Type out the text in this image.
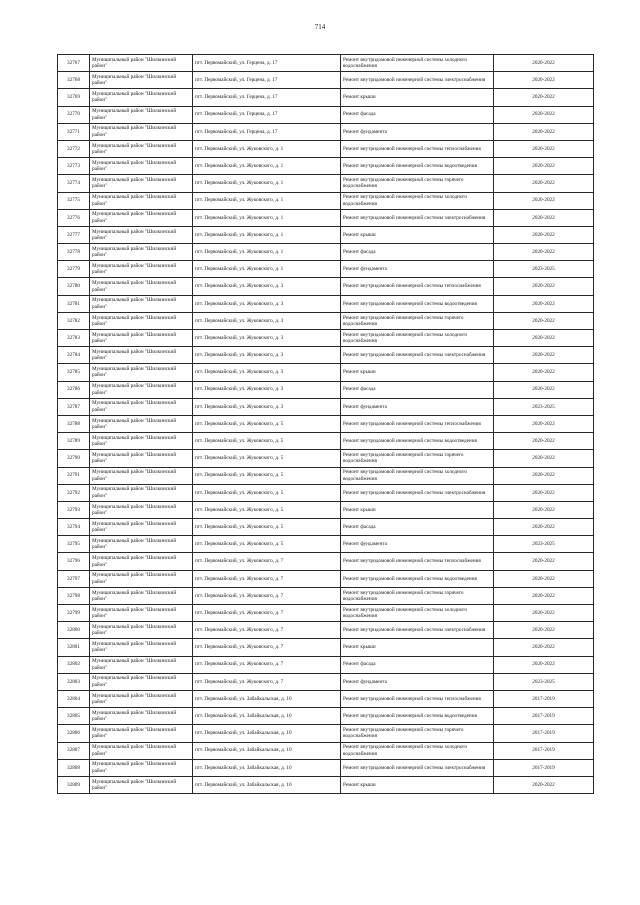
714
32767	Муниципальный район "Шилкинский район"	пгт. Первомайский, ул. Герцена, д. 17	Ремонт внутридомовой инженерной системы холодного водоснабжения	2020-2022
32768	Муниципальный район "Шилкинский район"	пгт. Первомайский, ул. Герцена, д. 17	Ремонт внутридомовой инженерной системы электроснабжения	2020-2022
32769	Муниципальный район "Шилкинский район"	пгт. Первомайский, ул. Герцена, д. 17	Ремонт крыши	2020-2022
32770	Муниципальный район "Шилкинский район"	пгт. Первомайский, ул. Герцена, д. 17	Ремонт фасада	2020-2022
32771	Муниципальный район "Шилкинский район"	пгт. Первомайский, ул. Герцена, д. 17	Ремонт фундамента	2020-2022
32772	Муниципальный район "Шилкинский район"	пгт. Первомайский, ул. Жуковского, д. 1	Ремонт внутридомовой инженерной системы теплоснабжения	2020-2022
32773	Муниципальный район "Шилкинский район"	пгт. Первомайский, ул. Жуковского, д. 1	Ремонт внутридомовой инженерной системы водоотведения	2020-2022
32774	Муниципальный район "Шилкинский район"	пгт. Первомайский, ул. Жуковского, д. 1	Ремонт внутридомовой инженерной системы горячего водоснабжения	2020-2022
32775	Муниципальный район "Шилкинский район"	пгт. Первомайский, ул. Жуковского, д. 1	Ремонт внутридомовой инженерной системы холодного водоснабжения	2020-2022
32776	Муниципальный район "Шилкинский район"	пгт. Первомайский, ул. Жуковского, д. 1	Ремонт внутридомовой инженерной системы электроснабжения	2020-2022
32777	Муниципальный район "Шилкинский район"	пгт. Первомайский, ул. Жуковского, д. 1	Ремонт крыши	2020-2022
32778	Муниципальный район "Шилкинский район"	пгт. Первомайский, ул. Жуковского, д. 1	Ремонт фасада	2020-2022
32779	Муниципальный район "Шилкинский район"	пгт. Первомайский, ул. Жуковского, д. 1	Ремонт фундамента	2023-2025
32780	Муниципальный район "Шилкинский район"	пгт. Первомайский, ул. Жуковского, д. 3	Ремонт внутридомовой инженерной системы теплоснабжения	2020-2022
32781	Муниципальный район "Шилкинский район"	пгт. Первомайский, ул. Жуковского, д. 3	Ремонт внутридомовой инженерной системы водоотведения	2020-2022
32782	Муниципальный район "Шилкинский район"	пгт. Первомайский, ул. Жуковского, д. 3	Ремонт внутридомовой инженерной системы горячего водоснабжения	2020-2022
32783	Муниципальный район "Шилкинский район"	пгт. Первомайский, ул. Жуковского, д. 3	Ремонт внутридомовой инженерной системы холодного водоснабжения	2020-2022
32784	Муниципальный район "Шилкинский район"	пгт. Первомайский, ул. Жуковского, д. 3	Ремонт внутридомовой инженерной системы электроснабжения	2020-2022
32785	Муниципальный район "Шилкинский район"	пгт. Первомайский, ул. Жуковского, д. 3	Ремонт крыши	2020-2022
32786	Муниципальный район "Шилкинский район"	пгт. Первомайский, ул. Жуковского, д. 3	Ремонт фасада	2020-2022
32787	Муниципальный район "Шилкинский район"	пгт. Первомайский, ул. Жуковского, д. 3	Ремонт фундамента	2023-2025
32788	Муниципальный район "Шилкинский район"	пгт. Первомайский, ул. Жуковского, д. 5	Ремонт внутридомовой инженерной системы теплоснабжения	2020-2022
32789	Муниципальный район "Шилкинский район"	пгт. Первомайский, ул. Жуковского, д. 5	Ремонт внутридомовой инженерной системы водоотведения	2020-2022
32790	Муниципальный район "Шилкинский район"	пгт. Первомайский, ул. Жуковского, д. 5	Ремонт внутридомовой инженерной системы горячего водоснабжения	2020-2022
32791	Муниципальный район "Шилкинский район"	пгт. Первомайский, ул. Жуковского, д. 5	Ремонт внутридомовой инженерной системы холодного водоснабжения	2020-2022
32792	Муниципальный район "Шилкинский район"	пгт. Первомайский, ул. Жуковского, д. 5	Ремонт внутридомовой инженерной системы электроснабжения	2020-2022
32793	Муниципальный район "Шилкинский район"	пгт. Первомайский, ул. Жуковского, д. 5	Ремонт крыши	2020-2022
32794	Муниципальный район "Шилкинский район"	пгт. Первомайский, ул. Жуковского, д. 5	Ремонт фасада	2020-2022
32795	Муниципальный район "Шилкинский район"	пгт. Первомайский, ул. Жуковского, д. 5	Ремонт фундамента	2023-2025
32796	Муниципальный район "Шилкинский район"	пгт. Первомайский, ул. Жуковского, д. 7	Ремонт внутридомовой инженерной системы теплоснабжения	2020-2022
32797	Муниципальный район "Шилкинский район"	пгт. Первомайский, ул. Жуковского, д. 7	Ремонт внутридомовой инженерной системы водоотведения	2020-2022
32798	Муниципальный район "Шилкинский район"	пгт. Первомайский, ул. Жуковского, д. 7	Ремонт внутридомовой инженерной системы горячего водоснабжения	2020-2022
32799	Муниципальный район "Шилкинский район"	пгт. Первомайский, ул. Жуковского, д. 7	Ремонт внутридомовой инженерной системы холодного водоснабжения	2020-2022
32800	Муниципальный район "Шилкинский район"	пгт. Первомайский, ул. Жуковского, д. 7	Ремонт внутридомовой инженерной системы электроснабжения	2020-2022
32801	Муниципальный район "Шилкинский район"	пгт. Первомайский, ул. Жуковского, д. 7	Ремонт крыши	2020-2022
32802	Муниципальный район "Шилкинский район"	пгт. Первомайский, ул. Жуковского, д. 7	Ремонт фасада	2020-2022
32803	Муниципальный район "Шилкинский район"	пгт. Первомайский, ул. Жуковского, д. 7	Ремонт фундамента	2023-2025
32804	Муниципальный район "Шилкинский район"	пгт. Первомайский, ул. Забайкальская, д. 10	Ремонт внутридомовой инженерной системы теплоснабжения	2017-2019
32805	Муниципальный район "Шилкинский район"	пгт. Первомайский, ул. Забайкальская, д. 10	Ремонт внутридомовой инженерной системы водоотведения	2017-2019
32806	Муниципальный район "Шилкинский район"	пгт. Первомайский, ул. Забайкальская, д. 10	Ремонт внутридомовой инженерной системы горячего водоснабжения	2017-2019
32807	Муниципальный район "Шилкинский район"	пгт. Первомайский, ул. Забайкальская, д. 10	Ремонт внутридомовой инженерной системы холодного водоснабжения	2017-2019
32808	Муниципальный район "Шилкинский район"	пгт. Первомайский, ул. Забайкальская, д. 10	Ремонт внутридомовой инженерной системы электроснабжения	2017-2019
32809	Муниципальный район "Шилкинский район"	пгт. Первомайский, ул. Забайкальская, д. 10	Ремонт крыши	2020-2022
